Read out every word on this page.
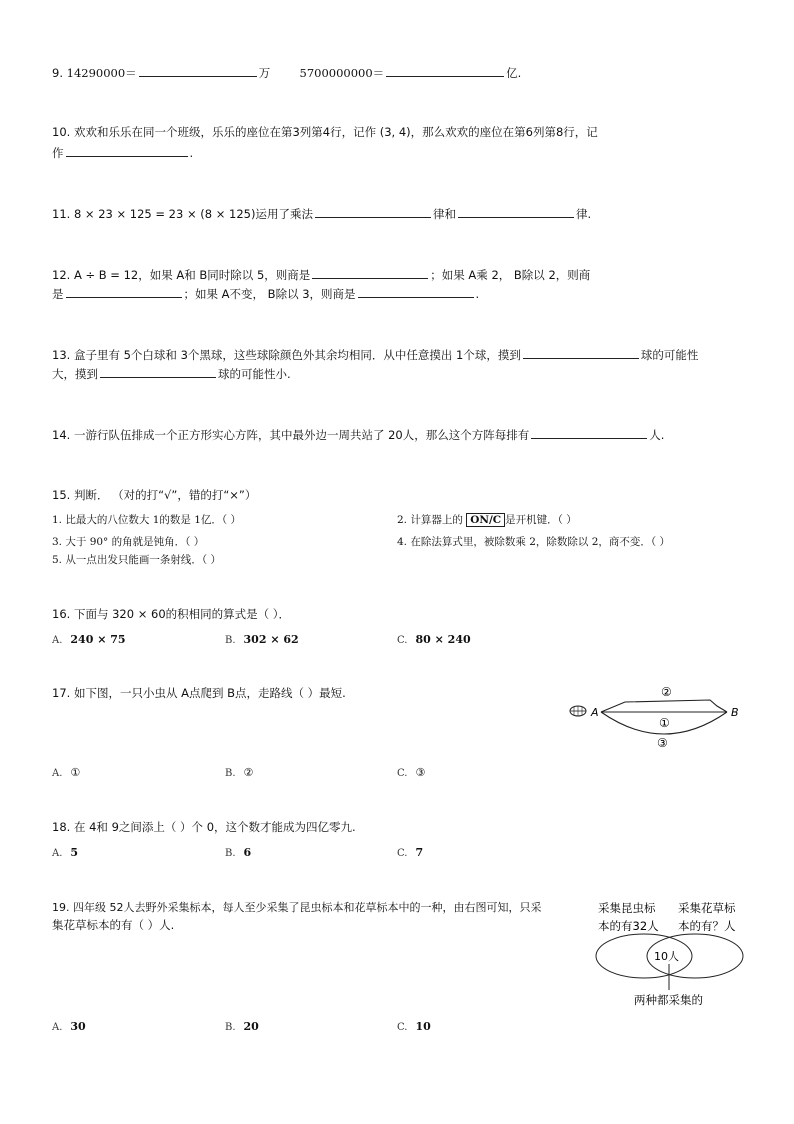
9. 14290000＝	万	5700000000＝	亿.
10. 欢欢和乐乐在同一个班级，乐乐的座位在第3列第4行，记作 (3, 4)，那么欢欢的座位在第6列第8行，记
作	.
11. 8 × 23 × 125 = 23 × (8 × 125)运用了乘法	律和	律.
12. A ÷ B = 12，如果 A和 B同时除以 5，则商是	；如果 A乘 2， B除以 2，则商
是	；如果 A不变， B除以 3，则商是	.
13. 盒子里有 5个白球和 3个黑球，这些球除颜色外其余均相同．从中任意摸出 1个球，摸到	球的可能性
大，摸到	球的可能性小.
14. 一游行队伍排成一个正方形实心方阵，其中最外边一周共站了 20人，那么这个方阵每排有	人.
15. 判断． （对的打“√”，错的打“×”）
1. 比最大的八位数大 1的数是 1亿．（ ）	2. 计算器上的 ON/C 是开机键．（ ）
3. 大于 90° 的角就是钝角．（ ）	4. 在除法算式里，被除数乘 2，除数除以 2，商不变．（ ）
5. 从一点出发只能画一条射线．（ ）
16. 下面与 320 × 60的积相同的算式是（ ）．
A. 240 × 75	B. 302 × 62	C. 80 × 240
17. 如下图，一只小虫从 A点爬到 B点，走路线（ ）最短.
A	B
②
①
③
A. ①	B. ②	C. ③
18. 在 4和 9之间添上（ ）个 0，这个数才能成为四亿零九.
A. 5	B. 6	C. 7
19. 四年级 52人去野外采集标本，每人至少采集了昆虫标本和花草标本中的一种，由右图可知，只采
集花草标本的有（ ）人.
采集昆虫标
本的有32人
采集花草标
本的有？人
10人
两种都采集的
A. 30	B. 20	C. 10
